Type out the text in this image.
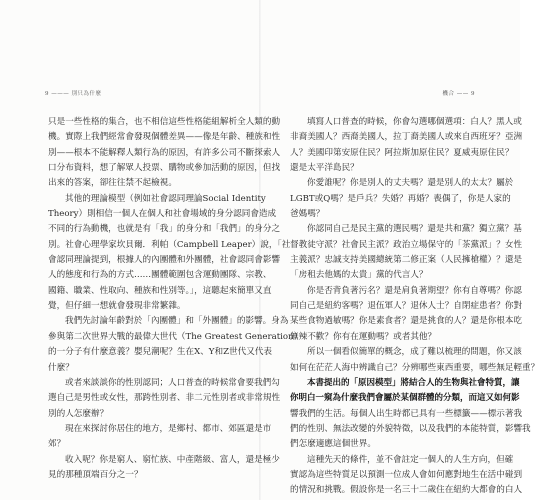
9 ——— 別只為什麼
只是一些性格的集合，也不相信這些性格能組解析全人類的動
機。實際上我們經常會發現個體差異——像是年齡、種族和性
別——根本不能解釋人類行為的原因，有許多公司不斷探索人
口分布資料，想了解眾人投票、購物或參加活動的原因，但找
出來的答案，卻往往禁不起檢視。
其他的理論模型（例如社會認同理論Social Identity
Theory）則相信一個人在個人和社會場域的身分認同會造成
不同的行為動機，也就是有「我」的身分和「我們」的身分之
別。社會心理學家坎貝爾．利帕（Campbell Leaper）說，「社
會認同理論提到，根據人的內團體和外團體，社會認同會影響
人的態度和行為的方式……團體範圍包含運動團隊、宗教、
國籍、職業、性取向、種族和性別等。」，這聽起來簡單又直
覺，但仔細一想就會發現非常繁雜。
我們先討論年齡對於「內團體」和「外團體」的影響。身為
參與第二次世界大戰的最偉大世代（The Greatest Generation）
的一分子有什麼意義？嬰兒潮呢？生在X、Y和Z世代又代表
什麼？
或者來談談你的性別認同；人口普查的時候常會要我們勾
選自己是男性或女性，那跨性別者、非二元性別者或非常規性
別的人怎麼辦？
現在來探討你居住的地方，是鄉村、都市、郊區還是市
郊？
收入呢？你是窮人、窮忙族、中產階級、富人，還是極少
見的那種頂端百分之一？
機合 —— 9
填寫人口普查的時候，你會勾選哪個選項：白人？黑人或
非裔美國人？西裔美國人，拉丁裔美國人或來自西班牙？亞洲
人？美國印第安原住民？阿拉斯加原住民？夏威夷原住民？
還是太平洋島民？
你愛誰呢？你是別人的丈夫嗎？還是別人的太太？屬於
LGBT或Q嗎？是戶兵？失婚？再婚？喪偶了，你是人家的
爸媽嗎？
你認同自己是民主黨的選民嗎？還是共和黨？獨立黨？基
督教徒守派？社會民主派？政治立場保守的「茶黨派」？女性
主義派？忠誠支持美國總統第二修正案（人民擁槍權）？還是
「房租去他媽的太貴」黨的代言人？
你是否背負著污名？還是肩負著期望？你有自尊嗎？你認
同自己是紐約客嗎？退伍軍人？退休人士？自閉症患者？你對
某些食物過敏嗎？你是素食者？還是挑食的人？還是你根本吃
無辣不歡？你有在運動嗎？或者其他？
所以一個看似簡單的概念，成了難以梳理的問題，你又該
如何在茫茫人海中辨識自己？分辨哪些東西重要，哪些無足輕重？
本書提出的「原因模型」將結合人的生物與社會特質，讓
你明白一窺為什麼我們會屬於某個群體的分類，而這又如何影
響我們的生活。每個人出生時都已具有一些標籤——標示著我
們的性別、無法改變的外貌特徵，以及我們的本能特質，影響我
們怎麼適應這個世界。
這種先天的條件，並不會註定一個人的人生方向，但確
實認為這些特質足以預測一位成人會如何應對地生在活中碰到
的情況和挑戰。假設你是一名三十二歲住在紐約大都會的白人
